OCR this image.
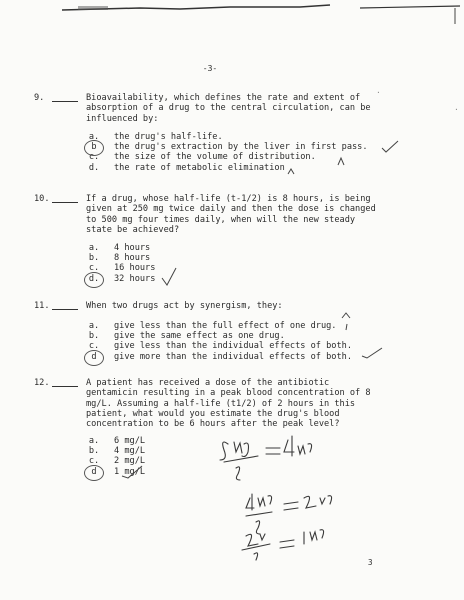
-3-
9.	Bioavailability, which defines the rate and extent of
absorption of a drug to the central circulation, can be
influenced by:
a.	the drug's half-life.
b	the drug's extraction by the liver in first pass.
c.	the size of the volume of distribution.
d.	the rate of metabolic elimination
10.	If a drug, whose half-life (t-1/2) is 8 hours, is being
given at 250 mg twice daily and then the dose is changed
to 500 mg four times daily, when will the new steady
state be achieved?
a.	4 hours
b.	8 hours
c.	16 hours
d.	32 hours
11.	When two drugs act by synergism, they:
a.	give less than the full effect of one drug.
b.	give the same effect as one drug.
c.	give less than the individual effects of both.
d	give more than the individual effects of both.
12.	A patient has received a dose of the antibiotic
gentamicin resulting in a peak blood concentration of 8
mg/L. Assuming a half-life (t1/2) of 2 hours in this
patient, what would you estimate the drug's blood
concentration to be 6 hours after the peak level?
a.	6 mg/L
b.	4 mg/L
c.	2 mg/L
d	1 mg/L
.
.
3
